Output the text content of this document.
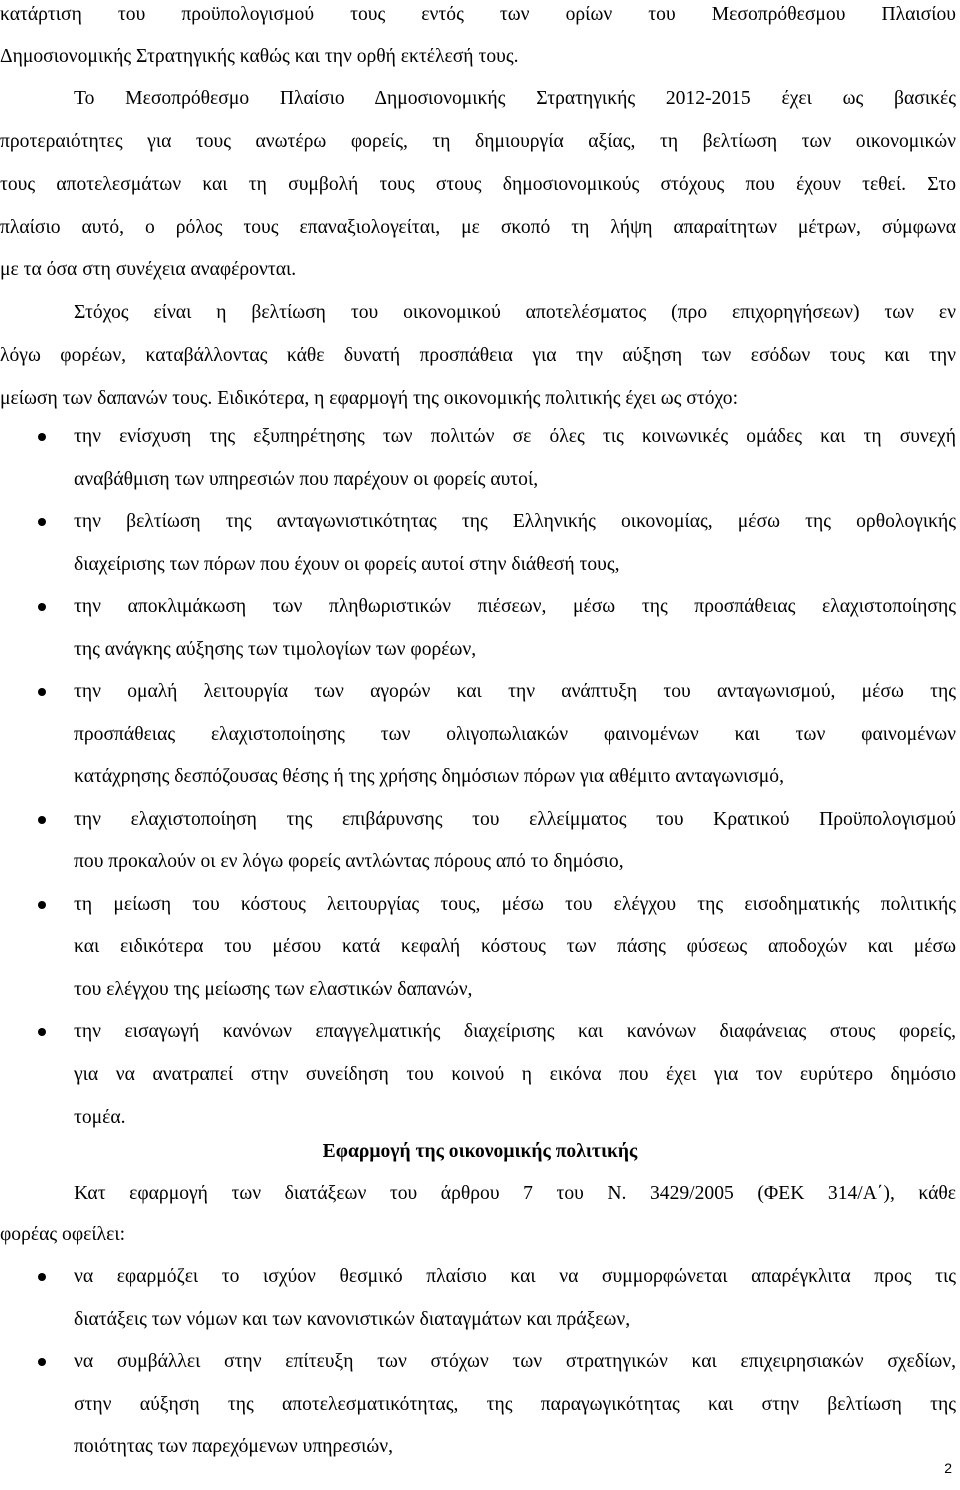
κατάρτιση του προϋπολογισμού τους εντός των ορίων του Μεσοπρόθεσμου Πλαισίου
Δημοσιονομικής Στρατηγικής καθώς και την ορθή εκτέλεσή τους.
Το Μεσοπρόθεσμο Πλαίσιο Δημοσιονομικής Στρατηγικής 2012-2015 έχει ως βασικές
προτεραιότητες για τους ανωτέρω φορείς, τη δημιουργία αξίας, τη βελτίωση των οικονομικών
τους αποτελεσμάτων και τη συμβολή τους στους δημοσιονομικούς στόχους που έχουν τεθεί. Στο
πλαίσιο αυτό, ο ρόλος τους επαναξιολογείται, με σκοπό τη λήψη απαραίτητων μέτρων, σύμφωνα
με τα όσα στη συνέχεια αναφέρονται.
Στόχος είναι η βελτίωση του οικονομικού αποτελέσματος (προ επιχορηγήσεων) των εν
λόγω φορέων, καταβάλλοντας κάθε δυνατή προσπάθεια για την αύξηση των εσόδων τους και την
μείωση των δαπανών τους. Ειδικότερα, η εφαρμογή της οικονομικής πολιτικής έχει ως στόχο:
την ενίσχυση της εξυπηρέτησης των πολιτών σε όλες τις κοινωνικές ομάδες και τη συνεχή
αναβάθμιση των υπηρεσιών που παρέχουν οι φορείς αυτοί,
την βελτίωση της ανταγωνιστικότητας της Ελληνικής οικονομίας, μέσω της ορθολογικής
διαχείρισης των πόρων που έχουν οι φορείς αυτοί στην διάθεσή τους,
την αποκλιμάκωση των πληθωριστικών πιέσεων, μέσω της προσπάθειας ελαχιστοποίησης
της ανάγκης αύξησης των τιμολογίων των φορέων,
την ομαλή λειτουργία των αγορών και την ανάπτυξη του ανταγωνισμού, μέσω της
προσπάθειας ελαχιστοποίησης των ολιγοπωλιακών φαινομένων και των φαινομένων
κατάχρησης δεσπόζουσας θέσης ή της χρήσης δημόσιων πόρων για αθέμιτο ανταγωνισμό,
την ελαχιστοποίηση της επιβάρυνσης του ελλείμματος του Κρατικού Προϋπολογισμού
που προκαλούν οι εν λόγω φορείς αντλώντας πόρους από το δημόσιο,
τη μείωση του κόστους λειτουργίας τους, μέσω του ελέγχου της εισοδηματικής πολιτικής
και ειδικότερα του μέσου κατά κεφαλή κόστους των πάσης φύσεως αποδοχών και μέσω
του ελέγχου της μείωσης των ελαστικών δαπανών,
την εισαγωγή κανόνων επαγγελματικής διαχείρισης και κανόνων διαφάνειας στους φορείς,
για να ανατραπεί στην συνείδηση του κοινού η εικόνα που έχει για τον ευρύτερο δημόσιο
τομέα.
Εφαρμογή της οικονομικής πολιτικής
Κατ εφαρμογή των διατάξεων του άρθρου 7 του Ν. 3429/2005 (ΦΕΚ 314/Α΄), κάθε
φορέας οφείλει:
να εφαρμόζει το ισχύον θεσμικό πλαίσιο και να συμμορφώνεται απαρέγκλιτα προς τις
διατάξεις των νόμων και των κανονιστικών διαταγμάτων και πράξεων,
να συμβάλλει στην επίτευξη των στόχων των στρατηγικών και επιχειρησιακών σχεδίων,
στην αύξηση της αποτελεσματικότητας, της παραγωγικότητας και στην βελτίωση της
ποιότητας των παρεχόμενων υπηρεσιών,
2
